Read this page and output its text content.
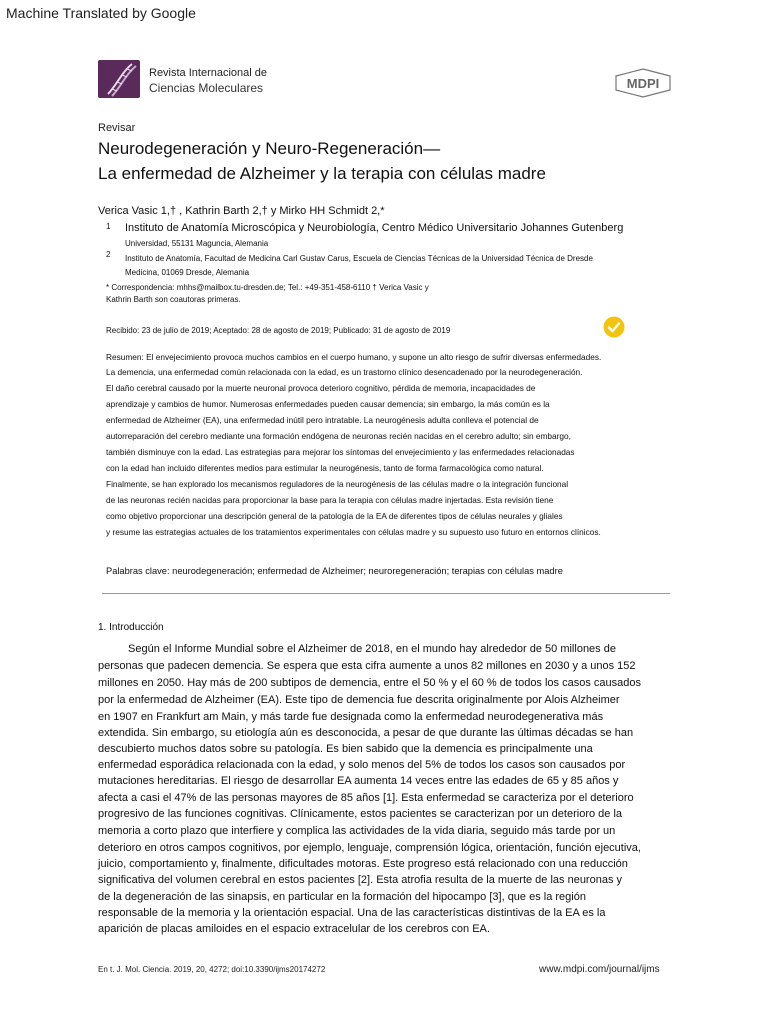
Machine Translated by Google
Revista Internacional de
Ciencias Moleculares	MDPI
Revisar
Neurodegeneración y Neuro-Regeneración—
La enfermedad de Alzheimer y la terapia con células madre
Verica Vasic 1,† , Kathrin Barth 2,† y Mirko HH Schmidt 2,*
1 Instituto de Anatomía Microscópica y Neurobiología, Centro Médico Universitario Johannes Gutenberg
Universidad, 55131 Maguncia, Alemania
2 Instituto de Anatomía, Facultad de Medicina Carl Gustav Carus, Escuela de Ciencias Técnicas de la Universidad Técnica de Dresde
Medicina, 01069 Dresde, Alemania
* Correspondencia: mhhs@mailbox.tu-dresden.de; Tel.: +49-351-458-6110 † Verica Vasic y
Kathrin Barth son coautoras primeras.
Recibido: 23 de julio de 2019; Aceptado: 28 de agosto de 2019; Publicado: 31 de agosto de 2019
Resumen: El envejecimiento provoca muchos cambios en el cuerpo humano, y supone un alto riesgo de sufrir diversas enfermedades.
La demencia, una enfermedad común relacionada con la edad, es un trastorno clínico desencadenado por la neurodegeneración.
El daño cerebral causado por la muerte neuronal provoca deterioro cognitivo, pérdida de memoria, incapacidades de
aprendizaje y cambios de humor. Numerosas enfermedades pueden causar demencia; sin embargo, la más común es la
enfermedad de Alzheimer (EA), una enfermedad inútil pero intratable. La neurogénesis adulta conlleva el potencial de
autorreparación del cerebro mediante una formación endógena de neuronas recién nacidas en el cerebro adulto; sin embargo,
también disminuye con la edad. Las estrategias para mejorar los síntomas del envejecimiento y las enfermedades relacionadas
con la edad han incluido diferentes medios para estimular la neurogénesis, tanto de forma farmacológica como natural.
Finalmente, se han explorado los mecanismos reguladores de la neurogénesis de las células madre o la integración funcional
de las neuronas recién nacidas para proporcionar la base para la terapia con células madre injertadas. Esta revisión tiene
como objetivo proporcionar una descripción general de la patología de la EA de diferentes tipos de células neurales y gliales
y resume las estrategias actuales de los tratamientos experimentales con células madre y su supuesto uso futuro en entornos clínicos.
Palabras clave: neurodegeneración; enfermedad de Alzheimer; neuroregeneración; terapias con células madre
1. Introducción
Según el Informe Mundial sobre el Alzheimer de 2018, en el mundo hay alrededor de 50 millones de
personas que padecen demencia. Se espera que esta cifra aumente a unos 82 millones en 2030 y a unos 152
millones en 2050. Hay más de 200 subtipos de demencia, entre el 50 % y el 60 % de todos los casos causados
por la enfermedad de Alzheimer (EA). Este tipo de demencia fue descrita originalmente por Alois Alzheimer
en 1907 en Frankfurt am Main, y más tarde fue designada como la enfermedad neurodegenerativa más
extendida. Sin embargo, su etiología aún es desconocida, a pesar de que durante las últimas décadas se han
descubierto muchos datos sobre su patología. Es bien sabido que la demencia es principalmente una
enfermedad esporádica relacionada con la edad, y solo menos del 5% de todos los casos son causados por
mutaciones hereditarias. El riesgo de desarrollar EA aumenta 14 veces entre las edades de 65 y 85 años y
afecta a casi el 47% de las personas mayores de 85 años [1]. Esta enfermedad se caracteriza por el deterioro
progresivo de las funciones cognitivas. Clínicamente, estos pacientes se caracterizan por un deterioro de la
memoria a corto plazo que interfiere y complica las actividades de la vida diaria, seguido más tarde por un
deterioro en otros campos cognitivos, por ejemplo, lenguaje, comprensión lógica, orientación, función ejecutiva,
juicio, comportamiento y, finalmente, dificultades motoras. Este progreso está relacionado con una reducción
significativa del volumen cerebral en estos pacientes [2]. Esta atrofia resulta de la muerte de las neuronas y
de la degeneración de las sinapsis, en particular en la formación del hipocampo [3], que es la región
responsable de la memoria y la orientación espacial. Una de las características distintivas de la EA es la
aparición de placas amiloides en el espacio extracelular de los cerebros con EA.
En t. J. Mol. Ciencia. 2019, 20, 4272; doi:10.3390/ijms20174272	www.mdpi.com/journal/ijms
